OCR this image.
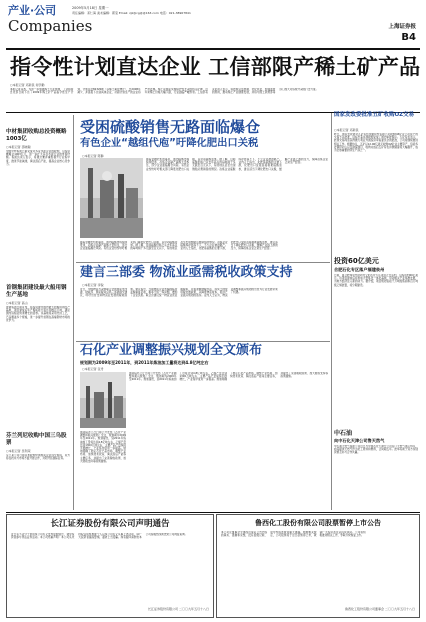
产业·公司
Companies
2009年5月18日 星期一
责任编辑：邓仁海 美术编辑：郭莹 Email: zjz@cg@@163.com 电话：021-38967841
上海证券报
B4
指令性计划直达企业 工信部限产稀土矿产品
○本报记者 邓新民 何学勤
本报记者获悉，为进一步加强稀土行业管理，工业和信息化部日前下达了2009年稀土矿产品指令性生产计划，计划总量82320吨（以稀土氧化物计），比2008年减少，并直接下达到具体企业，对超计划生产的企业将严肃处理。稀土是国家实施保护性开采的特定矿种，近年来稀土价格大幅下跌，行业面临严峻形势。工信部有关负责人表示，将按照总量控制、优化存量、加强监管的原则，推动稀土产业健康发展，并将与国土资源部等部门加大对违规开采的打击力度。
中材集团收购总投资概略1003亿
○本报记者 邵晓聪
中国中材集团日前完成对多家水泥企业的收购，总投资概略达1003亿元，进一步扩大其在水泥行业的市场份额。集团负责人表示，将通过兼并重组提升行业集中度，推进节能减排，淘汰落后产能，提高企业核心竞争力。
首钢集团建设最大船用钢生产基地
○本报记者 高山
首钢集团日前宣布，将投资建设国内最大的船用钢生产基地，项目建成后年产船板能力将达到数百万吨，满足国内造船业快速增长的需求。该基地将采用先进工艺，产品覆盖多个规格，进一步提升首钢在高端钢材市场的竞争力。
芬兰列尼收购中国三乌股票
○本报记者 吴利荣
芬兰某公司日前宣布收购中国相关企业部分股权，双方将在技术与市场方面开展合作，共同开拓国际业务。
国家发改委批准五矿收购OZ交易
○本报记者 邓新民
昨日，国家发改委对五矿有色金属股份有限公司收购OZ矿业公司资产的交易予以批准，这标志着该项收购完成了国内审批程序。五矿有色表示，此项交易尚需获得澳大利亚外国投资审查委员会的批准，公司将继续推进相关工作。根据协议，五矿以12.06亿美元收购OZ矿业主要资产，包括多处铜锌矿山以及勘探项目，收购完成后五矿有色资源储备将大幅提升，成为全球重要的锌生产商之一。
投资60亿美元
合肥石化专区落户福建泉州
日前，由合肥和泉州共同设立的石化专区项目正式签约，总投资约60亿美元。该项目建成后将形成大型炼化一体化基地，带动相关产业集群发展，为地方经济注入新的动力。据介绍，项目规划包括千万吨级炼油和百万吨级乙烯装置，将分期建设。
中石油
向中石化天津公司售天然气
中石油天然气集团公司近日与中国石化天津分公司签订天然气供应协议，向其提供天然气作为化工原料和燃料，合同期五年。此举有助于双方实现资源互补与合作共赢。
受困硫酸销售无路面临爆仓
有色企业“越组代庖”吁降化肥出口关税
○本报记者 陈静
随着金融危机的蔓延，国内硫酸市场持续低迷，冶炼企业副产硫酸大量积压，部分企业面临爆仓风险。有色企业纷纷呼吁相关部门降低化肥出口关税，以带动硫酸需求。据了解，目前硫酸价格已从去年高点的每吨两千多元跌至百元以下，有的地区甚至出现倒贴运费销售的情况。冶炼企业硫酸库存居高不下，不少企业被迫限产。业内人士指出，化肥是硫酸的主要下游，化肥出口受阻直接拖累硫酸需求，建议适当下调化肥出口关税，缓解产业链上游的压力，保障冶炼企业正常生产经营。
随着金融危机的蔓延，国内硫酸市场持续低迷，冶炼企业副产硫酸大量积压，部分企业面临爆仓风险。有色企业纷纷呼吁相关部门降低化肥出口关税，以带动硫酸需求。据了解，目前硫酸价格已从去年高点的每吨两千多元跌至百元以下，有的地区甚至出现倒贴运费销售的情况。冶炼企业硫酸库存居高不下，不少企业被迫限产。业内人士指出，化肥是硫酸的主要下游，化肥出口受阻直接拖累硫酸需求，建议适当下调化肥出口关税，缓解产业链上游的压力，保障冶炼企业正常生产经营。
建言三部委 物流业亟需税收政策支持
○本报记者 李锐
近日，中国物流与采购联合会向国家发改委、财政部、国家税务总局三部委提交建议，呼吁出台支持物流业发展的税收政策。建议指出，当前物流企业普遍面临营业税重复征收、税率不统一等问题，增加了企业负担。联合会建议统一物流业营业税税率，完善差额纳税办法，落实土地使用税优惠政策，以降低物流成本，促进产业振兴规划的落实。业内人士认为，物流业调整和振兴规划的出台为行业发展带来了机遇。
石化产业调整振兴规划全文颁布
规划期为2009年至2011年，到2011年炼油加工量将达到4.8亿吨左右
○本报记者 张舟
国务院办公厅日前公开发布《石化产业调整和振兴规划》全文，规划期为2009年至2011年。规划提出，到2011年炼油加工量将达到4.8亿吨左右，乙烯产量达到1300万吨左右，主要产品产量保持平稳增长，产业集中度进一步提高。规划明确了稳定石化产品市场、调整产业布局、加快技术改造、淘汰落后产能等主要任务，并提出了完善税收政策、加大财政支持等政策措施。
国务院办公厅日前公开发布《石化产业调整和振兴规划》全文，规划期为2009年至2011年。规划提出，到2011年炼油加工量将达到4.8亿吨左右，乙烯产量达到1300万吨左右，主要产品产量保持平稳增长，产业集中度进一步提高。规划明确了稳定石化产品市场、调整产业布局、加快技术改造、淘汰落后产能等主要任务，并提出了完善税收政策、加大财政支持等政策措施。
长江证券股份有限公司声明通告
近日有不法分子冒用本公司名义发布虚假信息，诱导投资者参与非法证券活动。本公司郑重声明：本公司从未授权任何机构或个人以本公司名义从事上述活动，请广大投资者提高警惕，谨防上当受骗。如有疑问请致电本公司客服热线或登录公司网站查询。
长江证券股份有限公司 二〇〇九年五月十八日
鲁西化工股份有限公司股票暂停上市公告
本公司及董事会全体成员保证公告内容的真实、准确和完整，没有虚假记载、误导性陈述或者重大遗漏。根据相关规定，公司股票将于近日起暂停上市，敬请广大投资者注意投资风险。公司将积极推进相关工作，争取尽快恢复上市。
鲁西化工股份有限公司董事会 二〇〇九年五月十八日
